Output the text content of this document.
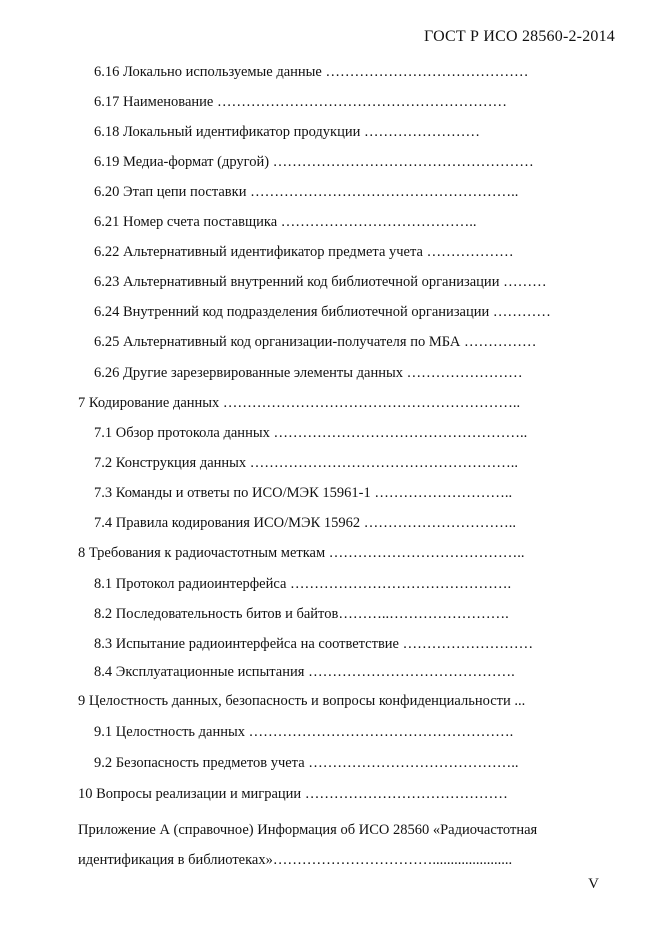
ГОСТ Р ИСО 28560-2-2014
6.16 Локально используемые данные ……………………………………
6.17 Наименование ……………………………………………………
6.18 Локальный идентификатор продукции ……………………
6.19 Медиа-формат (другой) ………………………………………………
6.20 Этап цепи поставки ………………………………………………..
6.21 Номер счета поставщика …………………………………..
6.22 Альтернативный идентификатор предмета учета ………………
6.23 Альтернативный внутренний код библиотечной организации ………
6.24 Внутренний код подразделения библиотечной организации …………
6.25 Альтернативный код организации-получателя по МБА ……………
6.26 Другие зарезервированные элементы данных ……………………
7 Кодирование данных ……………………………………………………..
7.1 Обзор протокола данных ……………………………………………..
7.2 Конструкция данных ………………………………………………..
7.3 Команды и ответы по ИСО/МЭК 15961-1 ………………………..
7.4 Правила кодирования ИСО/МЭК 15962 …………………………..
8 Требования к радиочастотным меткам …………………………………..
8.1 Протокол радиоинтерфейса ……………………………………….
8.2 Последовательность битов и байтов………..…………………….
8.3 Испытание радиоинтерфейса на соответствие ………………………
8.4 Эксплуатационные испытания …………………………………….
9 Целостность данных, безопасность и вопросы конфиденциальности ...
9.1 Целостность данных ……………………………………………….
9.2 Безопасность предметов учета ……………………………………..
10 Вопросы реализации и миграции ……………………………………
Приложение А (справочное) Информация об ИСО 28560 «Радиочастотная
идентификация в библиотеках»……………………………......................
V
